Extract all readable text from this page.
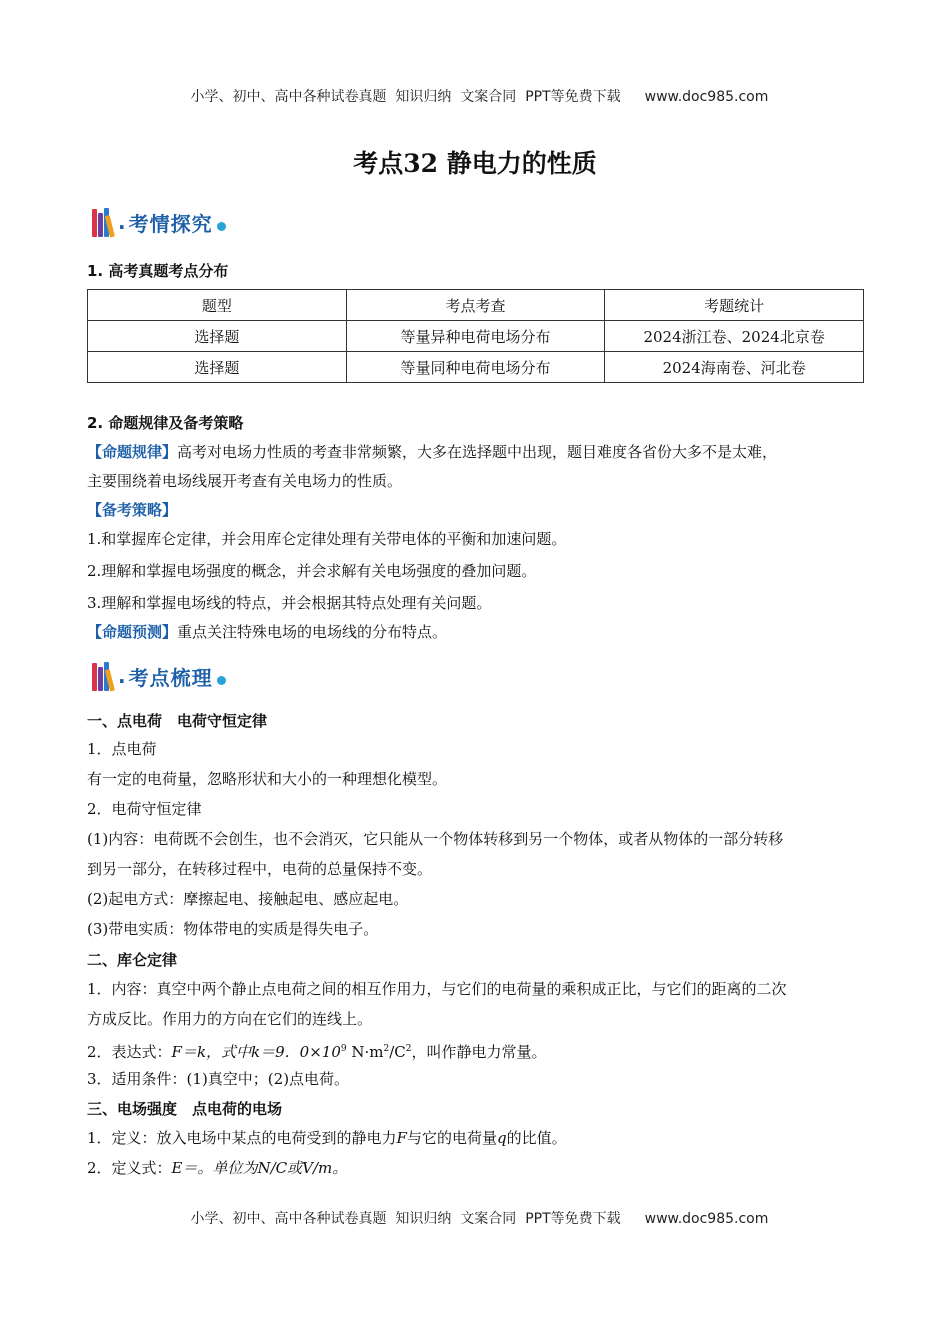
小学、初中、高中各种试卷真题  知识归纳  文案合同  PPT等免费下载 www.doc985.com

考点32 静电力的性质
. 考情探究
1. 高考真题考点分布
题型	考点考查	考题统计
选择题	等量异种电荷电场分布	2024浙江卷、2024北京卷
选择题	等量同种电荷电场分布	2024海南卷、河北卷
2. 命题规律及备考策略
【命题规律】高考对电场力性质的考查非常频繁，大多在选择题中出现，题目难度各省份大多不是太难，
主要围绕着电场线展开考查有关电场力的性质。
【备考策略】
1.和掌握库仑定律，并会用库仑定律处理有关带电体的平衡和加速问题。
2.理解和掌握电场强度的概念，并会求解有关电场强度的叠加问题。
3.理解和掌握电场线的特点，并会根据其特点处理有关问题。
【命题预测】重点关注特殊电场的电场线的分布特点。
. 考点梳理
一、点电荷　电荷守恒定律
1．点电荷
有一定的电荷量，忽略形状和大小的一种理想化模型。
2．电荷守恒定律
(1)内容：电荷既不会创生，也不会消灭，它只能从一个物体转移到另一个物体，或者从物体的一部分转移
到另一部分，在转移过程中，电荷的总量保持不变。
(2)起电方式：摩擦起电、接触起电、感应起电。
(3)带电实质：物体带电的实质是得失电子。
二、库仑定律
1．内容：真空中两个静止点电荷之间的相互作用力，与它们的电荷量的乘积成正比，与它们的距离的二次
方成反比。作用力的方向在它们的连线上。
2．表达式：F＝k，式中k＝9．$0\times 10^9$ $N\cdot m^2/C^2$，叫作静电力常量。
3．适用条件：(1)真空中；(2)点电荷。
三、电场强度　点电荷的电场
1．定义：放入电场中某点的电荷受到的静电力F与它的电荷量q的比值。
2．定义式：E＝。单位为N/C或V/m。

小学、初中、高中各种试卷真题  知识归纳  文案合同  PPT等免费下载 www.doc985.com
